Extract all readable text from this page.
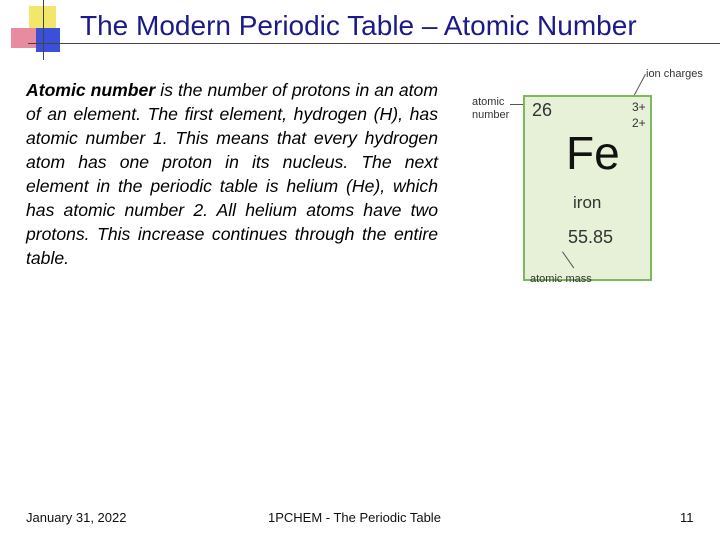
The Modern Periodic Table – Atomic Number
Atomic number is the number of protons in an atom of an element. The first element, hydrogen (H), has atomic number 1. This means that every hydrogen atom has one proton in its nucleus. The next element in the periodic table is helium (He), which has atomic number 2. All helium atoms have two protons. This increase continues through the entire table.
ion charges
atomic
number 26	3+
2+
Fe
iron
55.85
atomic mass
January 31, 2022	1PCHEM - The Periodic Table	11
